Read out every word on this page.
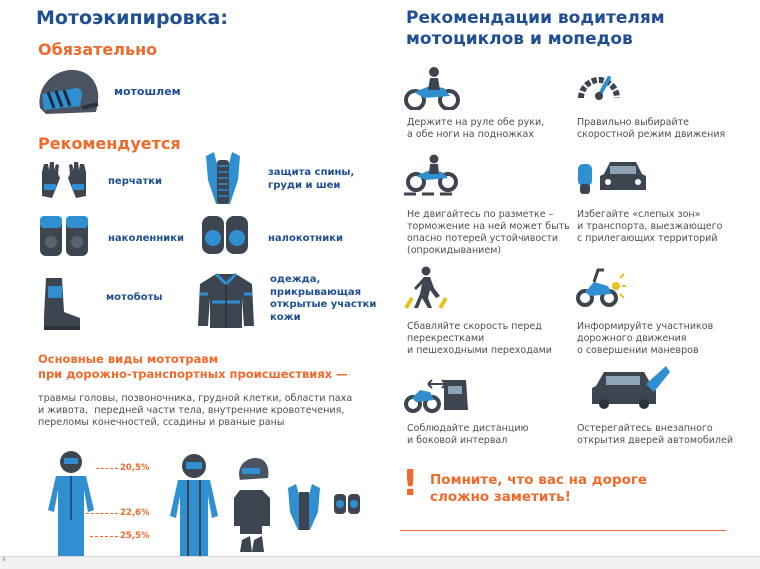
Мотоэкипировка:
Обязательно
мотошлем
Рекомендуется
перчатки
защита спины,
груди и шеи
наколенники	налокотники
мотоботы
одежда,
прикрывающая
открытые участки
кожи
Основные виды мототравм
при дорожно-транспортных происшествиях —
травмы головы, позвоночника, грудной клетки, области паха
и живота,  передней части тела, внутренние кровотечения,
переломы конечностей, ссадины и рваные раны
20,5%
22,6%
25,5%
Рекомендации водителям
мотоциклов и мопедов
Держите на руле обе руки,
а обе ноги на подножках
Правильно выбирайте
скоростной режим движения
Не двигайтесь по разметке –
торможение на ней может быть
опасно потерей устойчивости
(опрокидыванием)
Избегайте «слепых зон»
и транспорта, выезжающего
с прилегающих территорий
Сбавляйте скорость перед
перекрестками
и пешеходными переходами
Информируйте участников
дорожного движения
о совершении маневров
Соблюдайте дистанцию
и боковой интервал
Остерегайтесь внезапного
открытия дверей автомобилей
! Помните, что вас на дороге
сложно заметить!
‹
